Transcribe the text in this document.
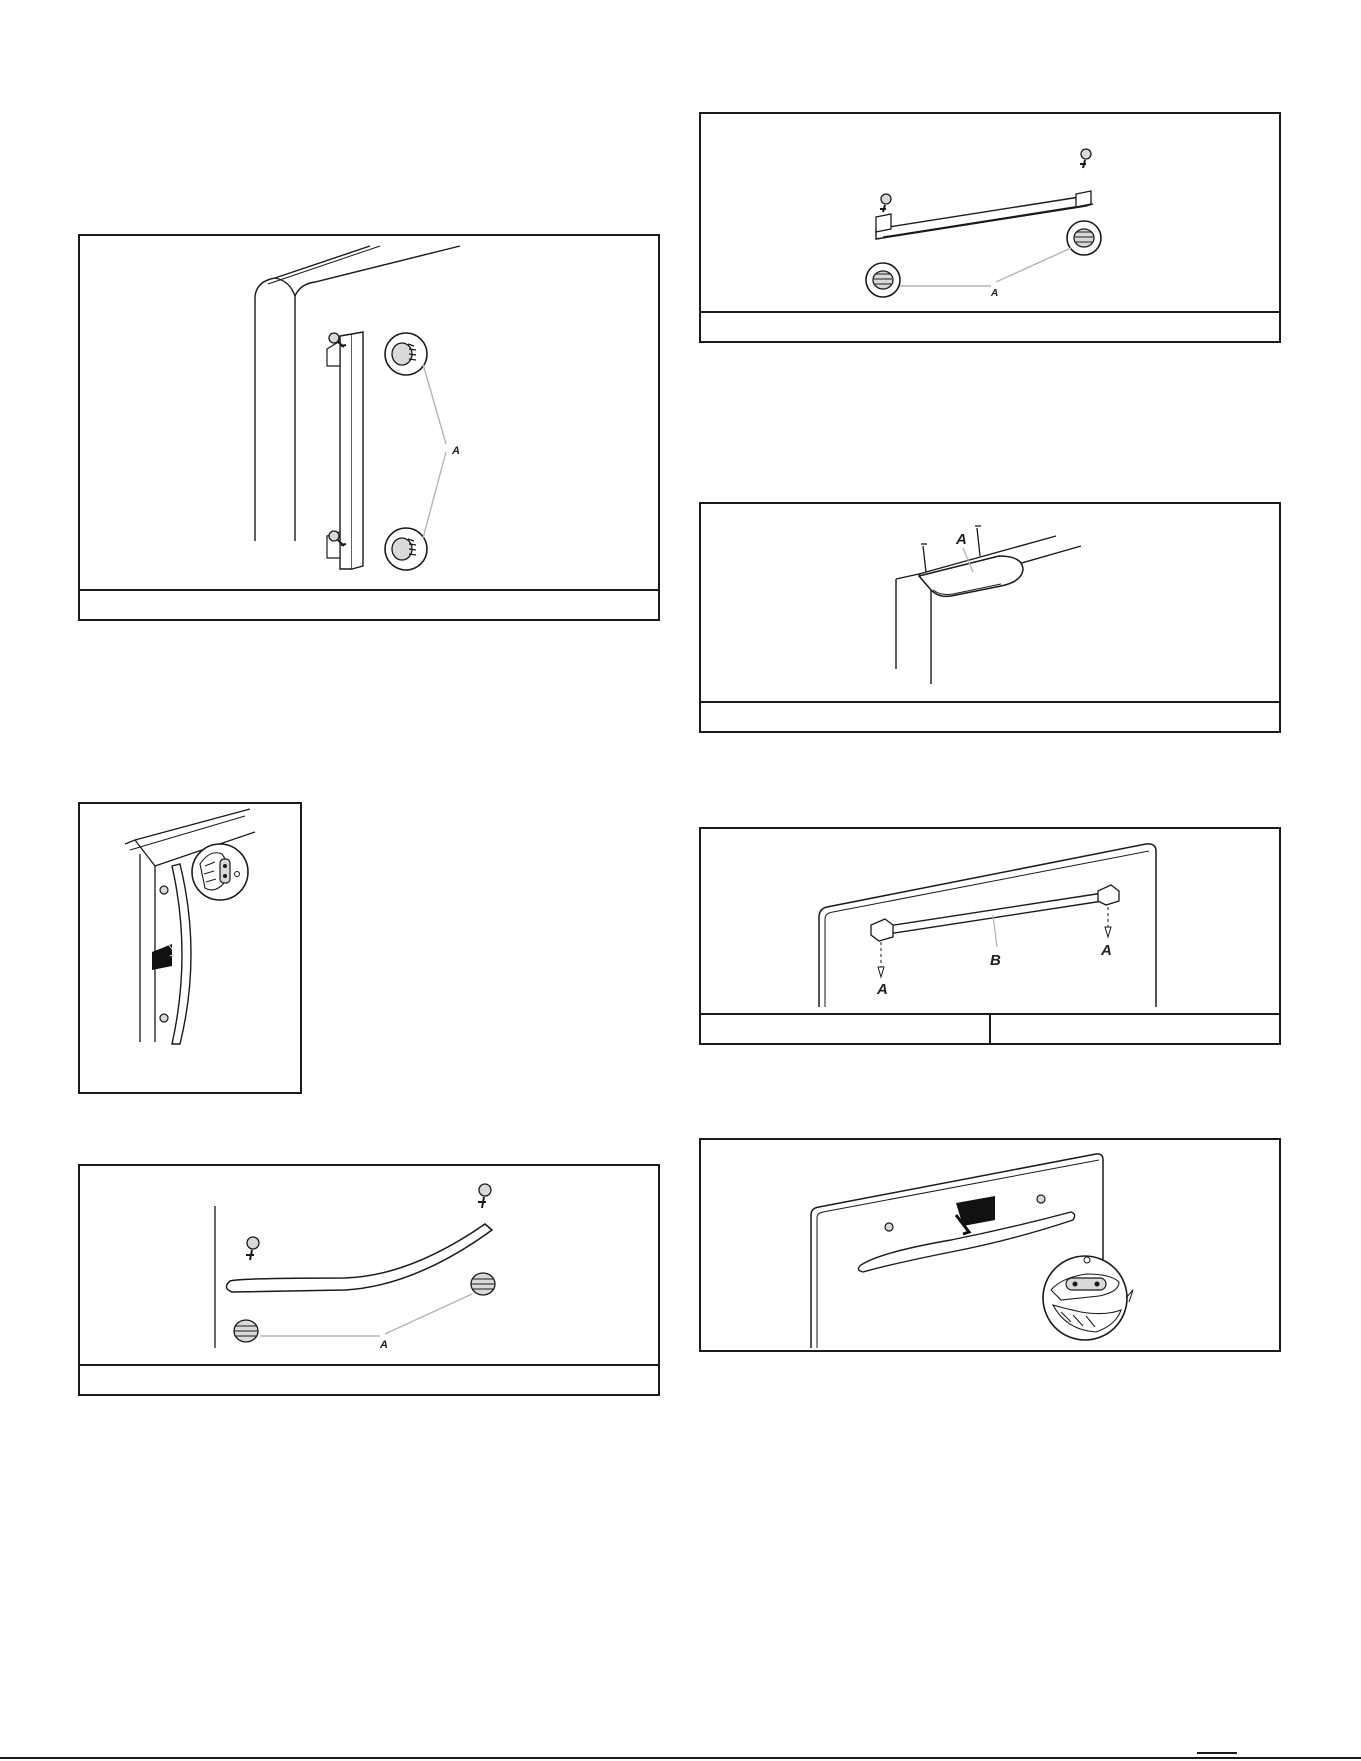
A
A
A
A
B
A
A
